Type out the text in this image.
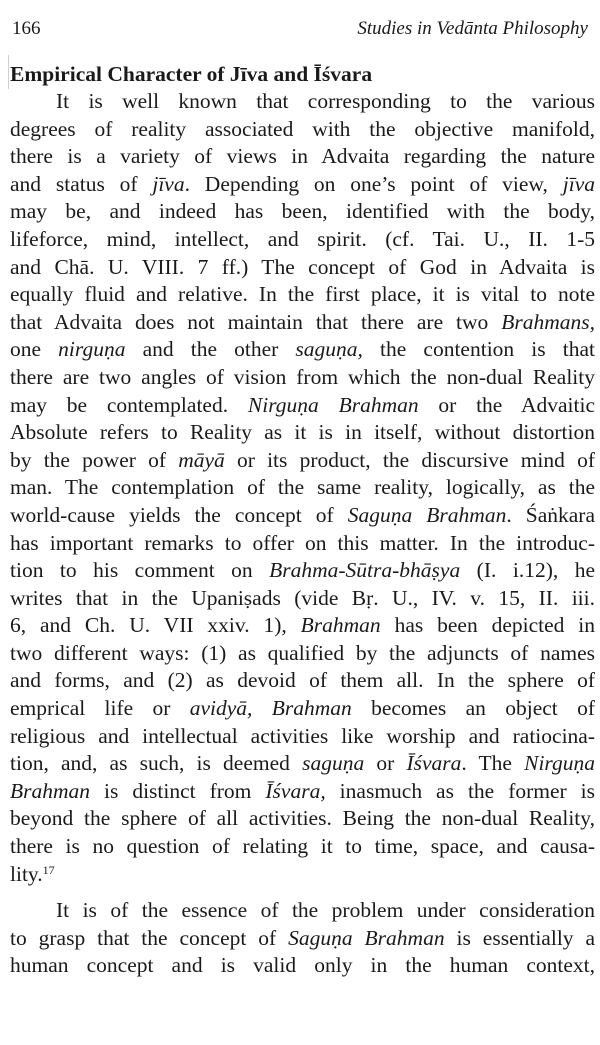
166	Studies in Vedānta Philosophy
Empirical Character of Jīva and Īśvara
It is well known that corresponding to the various
degrees of reality associated with the objective manifold,
there is a variety of views in Advaita regarding the nature
and status of jīva. Depending on one’s point of view, jīva
may be, and indeed has been, identified with the body,
lifeforce, mind, intellect, and spirit. (cf. Tai. U., II. 1-5
and Chā. U. VIII. 7 ff.) The concept of God in Advaita is
equally fluid and relative. In the first place, it is vital to note
that Advaita does not maintain that there are two Brahmans,
one nirguṇa and the other saguṇa, the contention is that
there are two angles of vision from which the non-dual Reality
may be contemplated. Nirguṇa Brahman or the Advaitic
Absolute refers to Reality as it is in itself, without distortion
by the power of māyā or its product, the discursive mind of
man. The contemplation of the same reality, logically, as the
world-cause yields the concept of Saguṇa Brahman. Śaṅkara
has important remarks to offer on this matter. In the introduc-
tion to his comment on Brahma-Sūtra-bhāṣya (I. i.12), he
writes that in the Upaniṣads (vide Bṛ. U., IV. v. 15, II. iii.
6, and Ch. U. VII xxiv. 1), Brahman has been depicted in
two different ways: (1) as qualified by the adjuncts of names
and forms, and (2) as devoid of them all. In the sphere of
emprical life or avidyā, Brahman becomes an object of
religious and intellectual activities like worship and ratiocina-
tion, and, as such, is deemed saguṇa or Īśvara. The Nirguṇa
Brahman is distinct from Īśvara, inasmuch as the former is
beyond the sphere of all activities. Being the non-dual Reality,
there is no question of relating it to time, space, and causa-
lity.$^{17}$
It is of the essence of the problem under consideration
to grasp that the concept of Saguṇa Brahman is essentially a
human concept and is valid only in the human context,
